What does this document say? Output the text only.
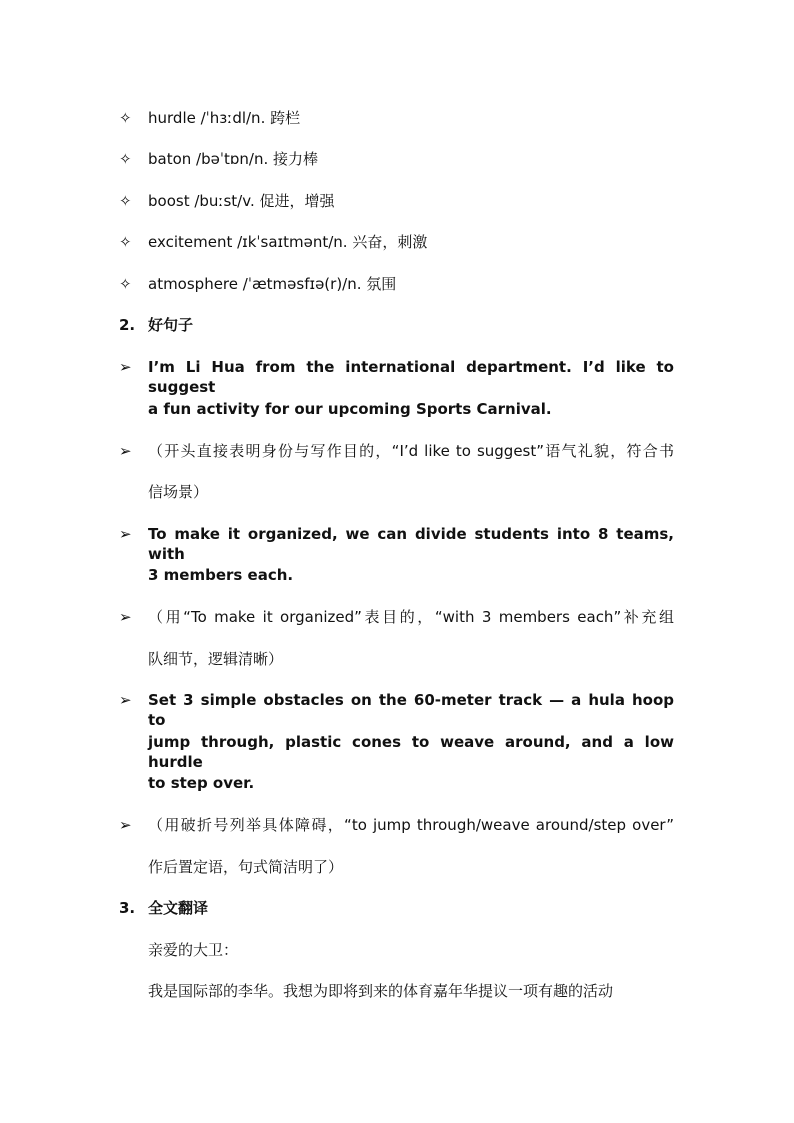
✧	hurdle /ˈhɜːdl/n. 跨栏
✧	baton /bəˈtɒn/n. 接力棒
✧	boost /buːst/v. 促进，增强
✧	excitement /ɪkˈsaɪtmənt/n. 兴奋，刺激
✧	atmosphere /ˈætməsfɪə(r)/n. 氛围
2. 好句子
➢	I’m Li Hua from the international department. I’d like to suggest
a fun activity for our upcoming Sports Carnival.
➢	（开头直接表明身份与写作目的，“I’d like to suggest”语气礼貌，符合书
信场景）
➢	To make it organized, we can divide students into 8 teams, with
3 members each.
➢	（用“To make it organized”表目的，“with 3 members each”补充组
队细节，逻辑清晰）
➢	Set 3 simple obstacles on the 60-meter track — a hula hoop to
jump through, plastic cones to weave around, and a low hurdle
to step over.
➢	（用破折号列举具体障碍，“to jump through/weave around/step over”
作后置定语，句式简洁明了）
3. 全文翻译
亲爱的大卫：
我是国际部的李华。我想为即将到来的体育嘉年华提议一项有趣的活动
